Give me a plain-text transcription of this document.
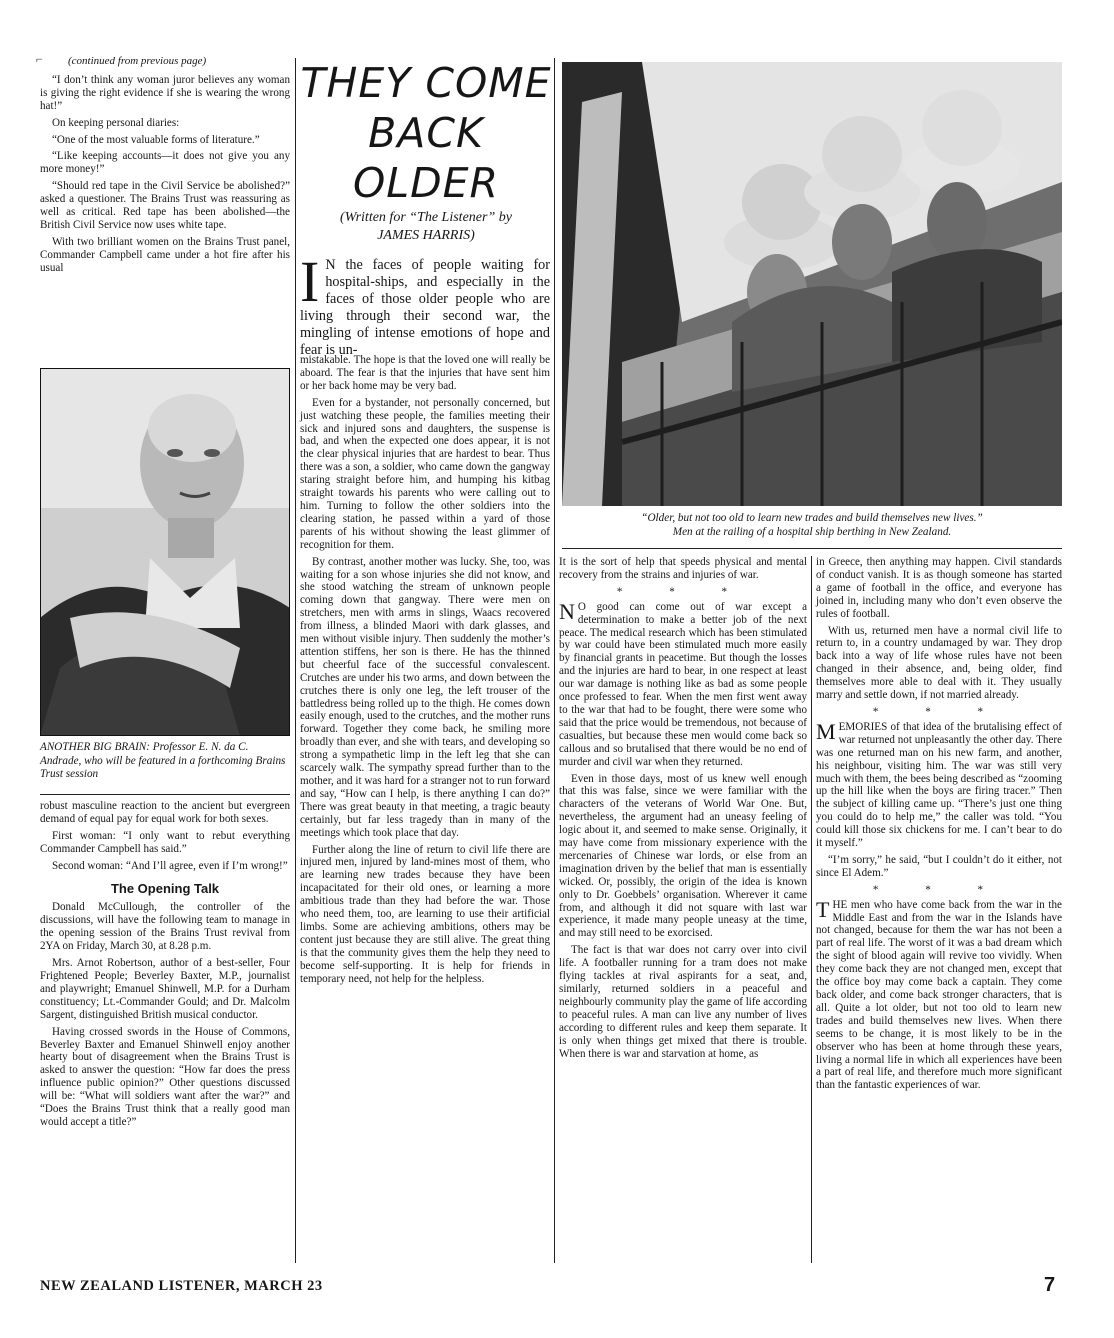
⌐ (continued from previous page)

“I don’t think any woman juror believes any woman is giving the right evidence if she is wearing the wrong hat!”

On keeping personal diaries:

“One of the most valuable forms of literature.”

“Like keeping accounts—it does not give you any more money!”

“Should red tape in the Civil Service be abolished?” asked a questioner. The Brains Trust was reassuring as well as critical. Red tape has been abolished—the British Civil Service now uses white tape.

With two brilliant women on the Brains Trust panel, Commander Campbell came under a hot fire after his usual

ANOTHER BIG BRAIN: Professor E. N. da C. Andrade, who will be featured in a forthcoming Brains Trust session

robust masculine reaction to the ancient but evergreen demand of equal pay for equal work for both sexes.

First woman: “I only want to rebut everything Commander Campbell has said.”

Second woman: “And I’ll agree, even if I’m wrong!”

The Opening Talk

Donald McCullough, the controller of the discussions, will have the following team to manage in the opening session of the Brains Trust revival from 2YA on Friday, March 30, at 8.28 p.m.

Mrs. Arnot Robertson, author of a best-seller, Four Frightened People; Beverley Baxter, M.P., journalist and playwright; Emanuel Shinwell, M.P. for a Durham constituency; Lt.-Commander Gould; and Dr. Malcolm Sargent, distinguished British musical conductor.

Having crossed swords in the House of Commons, Beverley Baxter and Emanuel Shinwell enjoy another hearty bout of disagreement when the Brains Trust is asked to answer the question: “How far does the press influence public opinion?” Other questions discussed will be: “What will soldiers want after the war?” and “Does the Brains Trust think that a really good man would accept a title?”

THEY COME
BACK
OLDER
(Written for “The Listener” by
JAMES HARRIS)
I N the faces of people waiting for hospital-ships, and especially in the faces of those older people who are living through their second war, the mingling of intense emotions of hope and fear is un-

mistakable. The hope is that the loved one will really be aboard. The fear is that the injuries that have sent him or her back home may be very bad.

Even for a bystander, not personally concerned, but just watching these people, the families meeting their sick and injured sons and daughters, the suspense is bad, and when the expected one does appear, it is not the clear physical injuries that are hardest to bear. Thus there was a son, a soldier, who came down the gangway staring straight before him, and humping his kitbag straight towards his parents who were calling out to him. Turning to follow the other soldiers into the clearing station, he passed within a yard of those parents of his without showing the least glimmer of recognition for them.

By contrast, another mother was lucky. She, too, was waiting for a son whose injuries she did not know, and she stood watching the stream of unknown people coming down that gangway. There were men on stretchers, men with arms in slings, Waacs recovered from illness, a blinded Maori with dark glasses, and men without visible injury. Then suddenly the mother’s attention stiffens, her son is there. He has the thinned but cheerful face of the successful convalescent. Crutches are under his two arms, and down between the crutches there is only one leg, the left trouser of the battledress being rolled up to the thigh. He comes down easily enough, used to the crutches, and the mother runs forward. Together they come back, he smiling more broadly than ever, and she with tears, and developing so strong a sympathetic limp in the left leg that she can scarcely walk. The sympathy spread further than to the mother, and it was hard for a stranger not to run forward and say, “How can I help, is there anything I can do?” There was great beauty in that meeting, a tragic beauty certainly, but far less tragedy than in many of the meetings which took place that day.

Further along the line of return to civil life there are injured men, injured by land-mines most of them, who are learning new trades because they have been incapacitated for their old ones, or learning a more ambitious trade than they had before the war. Those who need them, too, are learning to use their artificial limbs. Some are achieving ambitions, others may be content just because they are still alive. The great thing is that the community gives them the help they need to become self-supporting. It is help for friends in temporary need, not help for the helpless.

“Older, but not too old to learn new trades and build themselves new lives.”
Men at the railing of a hospital ship berthing in New Zealand.

It is the sort of help that speeds physical and mental recovery from the strains and injuries of war.

* * *

N O good can come out of war except a determination to make a better job of the next peace. The medical research which has been stimulated by war could have been stimulated much more easily by financial grants in peacetime. But though the losses and the injuries are hard to bear, in one respect at least our war damage is nothing like as bad as some people once professed to fear. When the men first went away to the war that had to be fought, there were some who said that the price would be tremendous, not because of casualties, but because these men would come back so callous and so brutalised that there would be no end of murder and civil war when they returned.

Even in those days, most of us knew well enough that this was false, since we were familiar with the characters of the veterans of World War One. But, nevertheless, the argument had an uneasy feeling of logic about it, and seemed to make sense. Originally, it may have come from missionary experience with the mercenaries of Chinese war lords, or else from an imagination driven by the belief that man is essentially wicked. Or, possibly, the origin of the idea is known only to Dr. Goebbels’ organisation. Wherever it came from, and although it did not square with last war experience, it made many people uneasy at the time, and may still need to be exorcised.

The fact is that war does not carry over into civil life. A footballer running for a tram does not make flying tackles at rival aspirants for a seat, and, similarly, returned soldiers in a peaceful and neighbourly community play the game of life according to peaceful rules. A man can live any number of lives according to different rules and keep them separate. It is only when things get mixed that there is trouble. When there is war and starvation at home, as

in Greece, then anything may happen. Civil standards of conduct vanish. It is as though someone has started a game of football in the office, and everyone has joined in, including many who don’t even observe the rules of football.

With us, returned men have a normal civil life to return to, in a country undamaged by war. They drop back into a way of life whose rules have not been changed in their absence, and, being older, find themselves more able to deal with it. They usually marry and settle down, if not married already.

* * *

MEMORIES of that idea of the brutalising effect of war returned not unpleasantly the other day. There was one returned man on his new farm, and another, his neighbour, visiting him. The war was still very much with them, the bees being described as “zooming up the hill like when the boys are firing tracer.” Then the subject of killing came up. “There’s just one thing you could do to help me,” the caller was told. “You could kill those six chickens for me. I can’t bear to do it myself.”

“I’m sorry,” he said, “but I couldn’t do it either, not since El Adem.”

* * *

THE men who have come back from the war in the Middle East and from the war in the Islands have not changed, because for them the war has not been a part of real life. The worst of it was a bad dream which the sight of blood again will revive too vividly. When they come back they are not changed men, except that the office boy may come back a captain. They come back older, and come back stronger characters, that is all. Quite a lot older, but not too old to learn new trades and build themselves new lives. When there seems to be change, it is most likely to be in the observer who has been at home through these years, living a normal life in which all experiences have been a part of real life, and therefore much more significant than the fantastic experiences of war.

NEW ZEALAND LISTENER, MARCH 23	7
